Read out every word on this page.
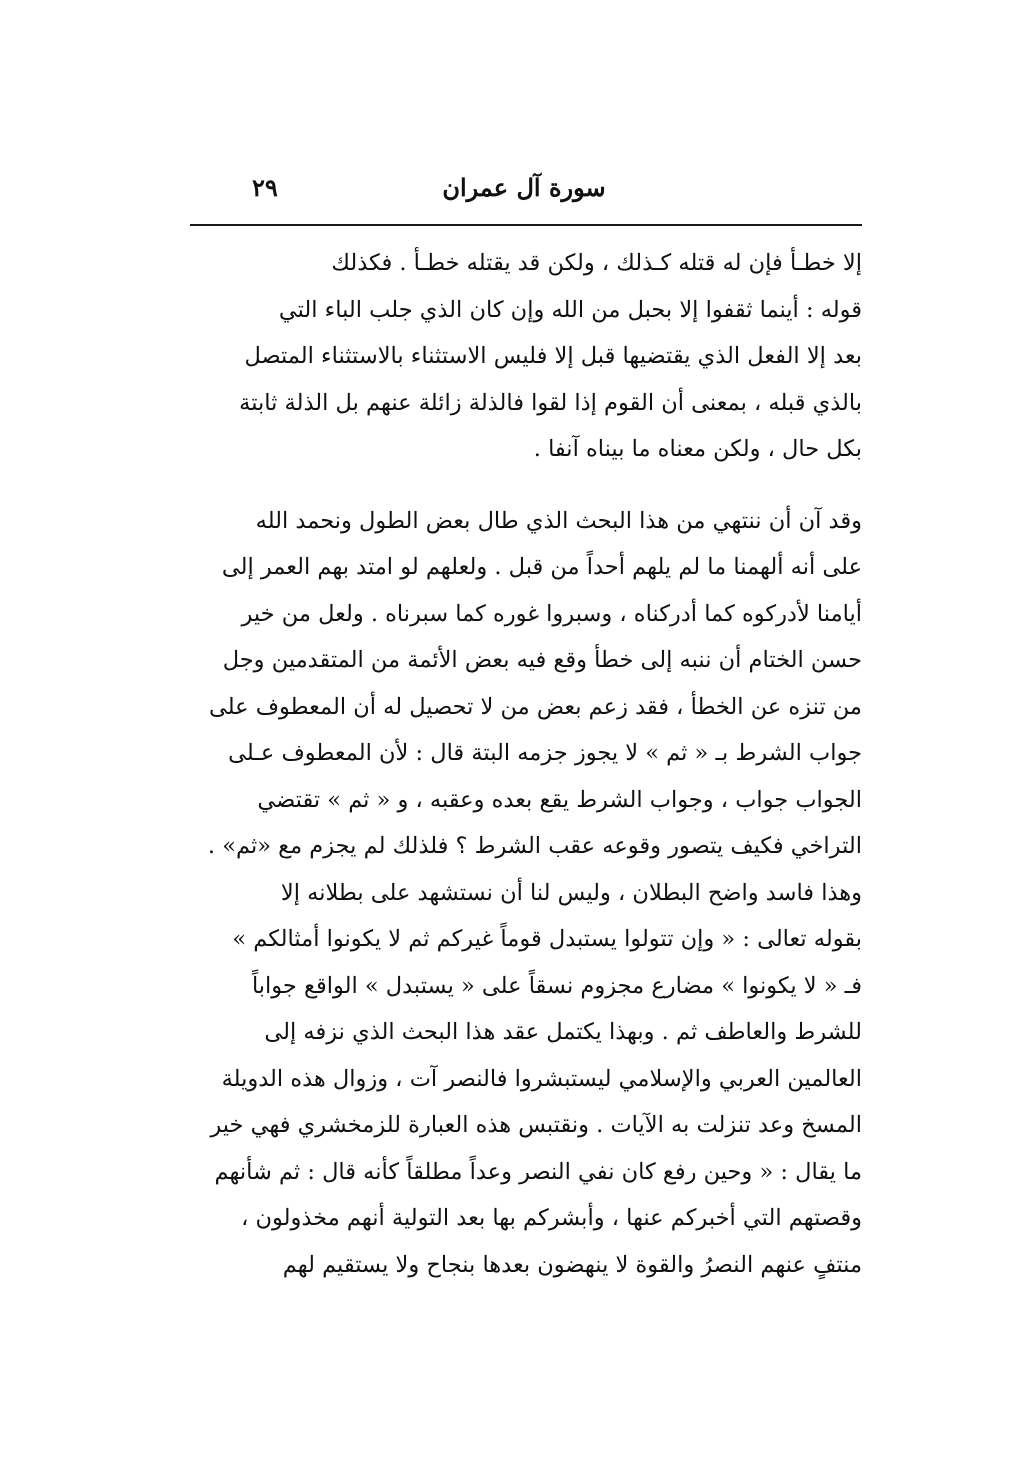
سورة آل عمران
٢٩

إلا خطـأ فإن له قتله كـذلك ، ولكن قد يقتله خطـأ . فكذلك
قوله : أينما ثقفوا إلا بحبل من الله وإن كان الذي جلب الباء التي
بعد إلا الفعل الذي يقتضيها قبل إلا فليس الاستثناء بالاستثناء المتصل
بالذي قبله ، بمعنى أن القوم إذا لقوا فالذلة زائلة عنهم بل الذلة ثابتة
بكل حال ، ولكن معناه ما بيناه آنفا .

وقد آن أن ننتهي من هذا البحث الذي طال بعض الطول ونحمد الله
على أنه ألهمنا ما لم يلهم أحداً من قبل . ولعلهم لو امتد بهم العمر إلى
أيامنا لأدركوه كما أدركناه ، وسبروا غوره كما سبرناه . ولعل من خير
حسن الختام أن ننبه إلى خطأ وقع فيه بعض الأئمة من المتقدمين وجل
من تنزه عن الخطأ ، فقد زعم بعض من لا تحصيل له أن المعطوف على
جواب الشرط بـ « ثم » لا يجوز جزمه البتة قال : لأن المعطوف عـلى
الجواب جواب ، وجواب الشرط يقع بعده وعقبه ، و « ثم » تقتضي
التراخي فكيف يتصور وقوعه عقب الشرط ؟ فلذلك لم يجزم مع «ثم» .
وهذا فاسد واضح البطلان ، وليس لنا أن نستشهد على بطلانه إلا
بقوله تعالى : « وإن تتولوا يستبدل قوماً غيركم ثم لا يكونوا أمثالكم »
فـ « لا يكونوا » مضارع مجزوم نسقاً على « يستبدل » الواقع جواباً
للشرط والعاطف ثم . وبهذا يكتمل عقد هذا البحث الذي نزفه إلى
العالمين العربي والإسلامي ليستبشروا فالنصر آت ، وزوال هذه الدويلة
المسخ وعد تنزلت به الآيات . ونقتبس هذه العبارة للزمخشري فهي خير
ما يقال : « وحين رفع كان نفي النصر وعداً مطلقاً كأنه قال : ثم شأنهم
وقصتهم التي أخبركم عنها ، وأبشركم بها بعد التولية أنهم مخذولون ،
منتفٍ عنهم النصرُ والقوة لا ينهضون بعدها بنجاح ولا يستقيم لهم
